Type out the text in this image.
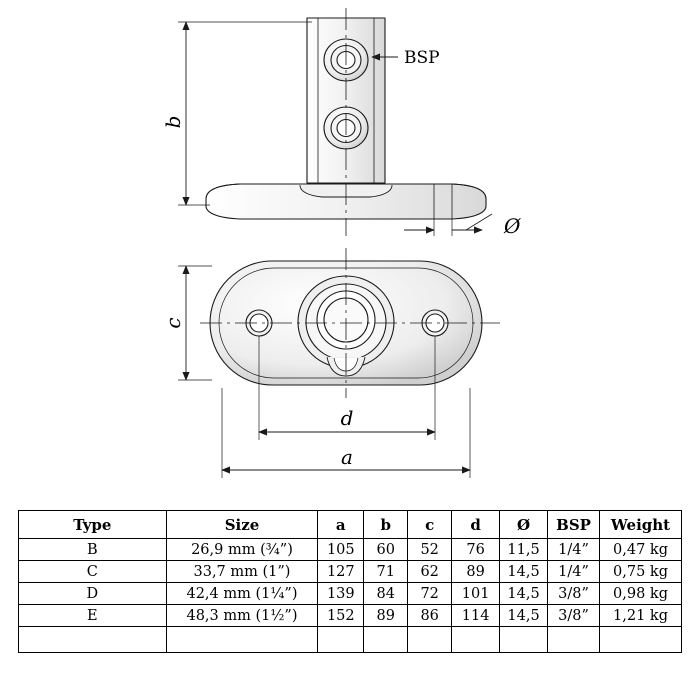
b
BSP
Ø
c
d
a
Type	Size	a	b	c	d	Ø	BSP	Weight
B	26,9 mm (¾”)	105	60	52	76	11,5	1/4”	0,47 kg
C	33,7 mm (1”)	127	71	62	89	14,5	1/4”	0,75 kg
D	42,4 mm (1¼”)	139	84	72	101	14,5	3/8”	0,98 kg
E	48,3 mm (1½”)	152	89	86	114	14,5	3/8”	1,21 kg
